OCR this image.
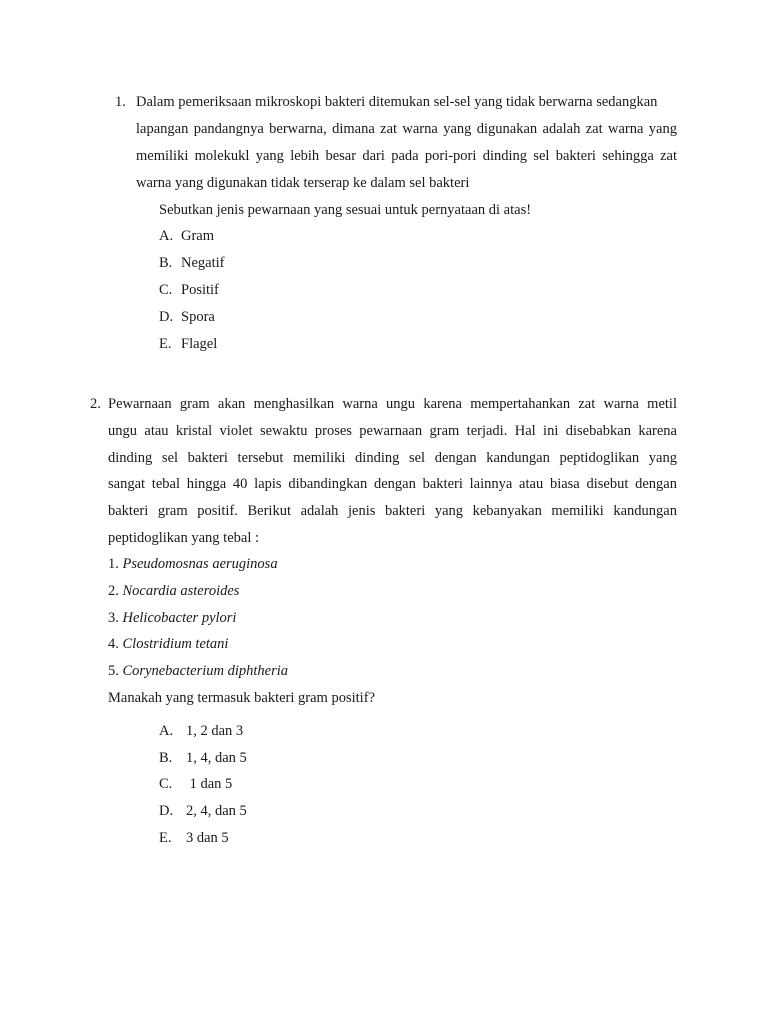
1. Dalam pemeriksaan mikroskopi bakteri ditemukan sel-sel yang tidak berwarna sedangkan
lapangan pandangnya berwarna, dimana zat warna yang digunakan adalah zat warna yang
memiliki molekukl yang lebih besar dari pada pori-pori dinding sel bakteri sehingga zat
warna yang digunakan tidak terserap ke dalam sel bakteri
Sebutkan jenis pewarnaan yang sesuai untuk pernyataan di atas!
A. Gram
B. Negatif
C. Positif
D. Spora
E. Flagel
2. Pewarnaan gram akan menghasilkan warna ungu karena mempertahankan zat warna metil
ungu atau kristal violet sewaktu proses pewarnaan gram terjadi. Hal ini disebabkan karena
dinding sel bakteri tersebut memiliki dinding sel dengan kandungan peptidoglikan yang
sangat tebal hingga 40 lapis dibandingkan dengan bakteri lainnya atau biasa disebut dengan
bakteri gram positif. Berikut adalah jenis bakteri yang kebanyakan memiliki kandungan
peptidoglikan yang tebal :
1. Pseudomosnas aeruginosa
2. Nocardia asteroides
3. Helicobacter pylori
4. Clostridium tetani
5. Corynebacterium diphtheria
Manakah yang termasuk bakteri gram positif?
A. 1, 2 dan 3
B. 1, 4, dan 5
C. 1 dan 5
D. 2, 4, dan 5
E. 3 dan 5
